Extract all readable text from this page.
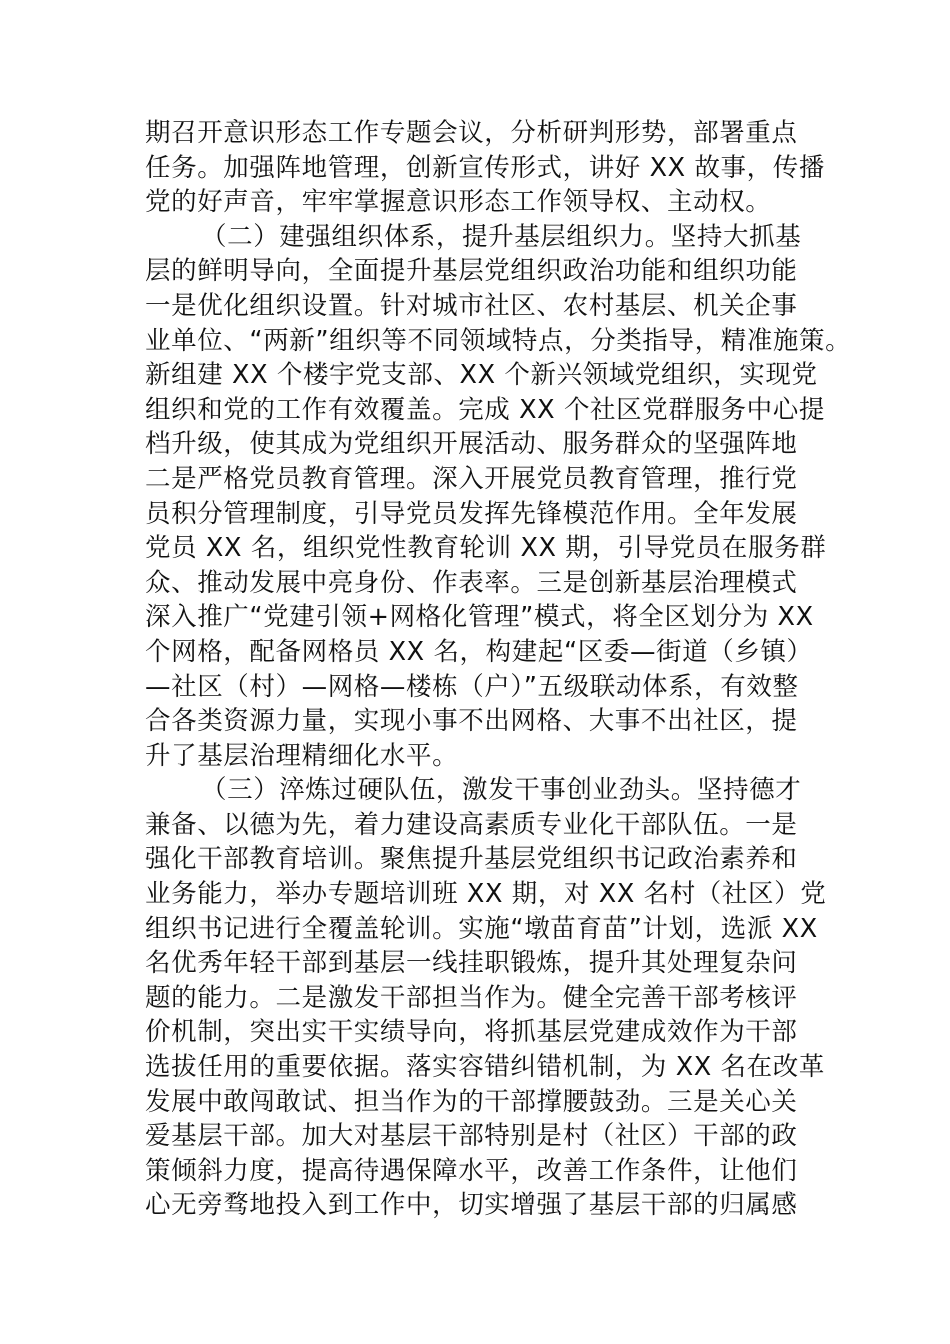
期召开意识形态工作专题会议，分析研判形势，部署重点
任务。加强阵地管理，创新宣传形式，讲好 XX 故事，传播
党的好声音，牢牢掌握意识形态工作领导权、主动权。
（二）建强组织体系，提升基层组织力。坚持大抓基
层的鲜明导向，全面提升基层党组织政治功能和组织功能
一是优化组织设置。针对城市社区、农村基层、机关企事
业单位、“两新”组织等不同领域特点，分类指导，精准施策。
新组建 XX 个楼宇党支部、XX 个新兴领域党组织，实现党
组织和党的工作有效覆盖。完成 XX 个社区党群服务中心提
档升级，使其成为党组织开展活动、服务群众的坚强阵地
二是严格党员教育管理。深入开展党员教育管理，推行党
员积分管理制度，引导党员发挥先锋模范作用。全年发展
党员 XX 名，组织党性教育轮训 XX 期，引导党员在服务群
众、推动发展中亮身份、作表率。三是创新基层治理模式
深入推广“党建引领+网格化管理”模式，将全区划分为 XX
个网格，配备网格员 XX 名，构建起“区委—街道（乡镇）
—社区（村）—网格—楼栋（户）”五级联动体系，有效整
合各类资源力量，实现小事不出网格、大事不出社区，提
升了基层治理精细化水平。
（三）淬炼过硬队伍，激发干事创业劲头。坚持德才
兼备、以德为先，着力建设高素质专业化干部队伍。一是
强化干部教育培训。聚焦提升基层党组织书记政治素养和
业务能力，举办专题培训班 XX 期，对 XX 名村（社区）党
组织书记进行全覆盖轮训。实施“墩苗育苗”计划，选派 XX
名优秀年轻干部到基层一线挂职锻炼，提升其处理复杂问
题的能力。二是激发干部担当作为。健全完善干部考核评
价机制，突出实干实绩导向，将抓基层党建成效作为干部
选拔任用的重要依据。落实容错纠错机制，为 XX 名在改革
发展中敢闯敢试、担当作为的干部撑腰鼓劲。三是关心关
爱基层干部。加大对基层干部特别是村（社区）干部的政
策倾斜力度，提高待遇保障水平，改善工作条件，让他们
心无旁骛地投入到工作中，切实增强了基层干部的归属感
